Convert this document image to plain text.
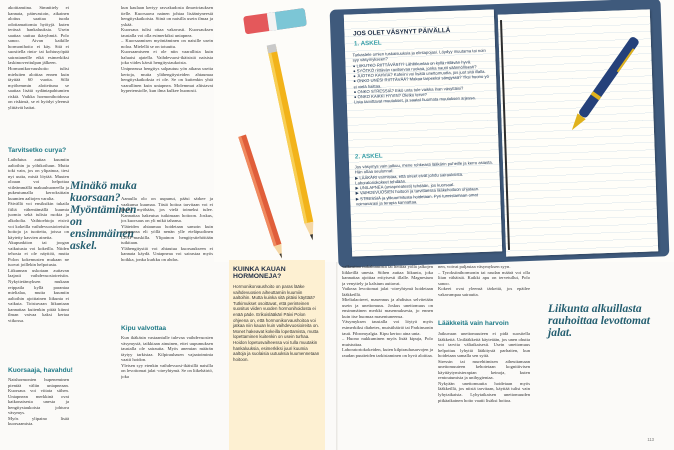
akoittamiina. Simnittely ei kannata, päinvastoin, aikainen aloitus saattaa tuoda odottamattomia hyötyjä. kuten terässä hankaluuksia. Usein saattaa uuttua ikäryhmiä. Polo sanoo. Aivan kaikille hormonihoito ei käy. Sitä ei suositella rinta- tai kohtusyöpää sairastaneille eikä esimerkiksi laskimoveritulpan jälkeen.
Hormonikorvaushoito tulisi mieluiten aloittaa ennen kuin täyttää 60 vuotta. Sillä myöhemmin aloitettuna se saattaa lisätä sydäntapahtumien riskiä. Vaikka hormonihoidossa on riskinsä, se ei hyödyt yleensä ylittävät haitat.
Tarvitsetko curya?
Laihdutus auttaa kuumiin aaltoihin ja yöhikoiluun. Mutta toki vain, jos on ylipainoa, tiesi nyt uutta, mistä löytää. Muuten oloaan voi helpottaa viileämmällä makuuhuoneella ja pukeutumalla kerroksittain kuumien aaltojen varalta.
Päivällä voi ensiksikin tukaila fiiliä vähentämällä kuumia juomia sekä tulisia ruokia ja alkoholia. Vaihtoehtoja etsivä voi kokeilla vaihdevuosioireisiin hoitoja ja tuotteita, joissa on käytetty kasvien aineita.
Akupunktion tai joogan vaikutusta voi kokeilla. Niiden tehosta ei ole näyttöä, mutta Polon kokemusten mukaan ne tuovat joillekin helpotusta.
Liikunnan uskotaan auttavan laajasti vaihdevuosioireisiin. Nykytietämyksen mukaan reippaila kyllä parantaa mielialaa, mutta kuumiin aaltoihin ajoittainen liikunta ei vaikuta. Toistuvaan liikuntaan kannattaa kuitenkin pitää kiinni ilman vaivaa kaksi kertaa viikossa.
Kuorsaaja, havahdu!
Naishormonien hupeneminen pientää väliin uniapneaan. Kuorsaus voi viitata siihen. Uniapnean merkkinä ovat katkonaisesta unesta ja hengitystaukoista johtuva väsymys.
Myös ylipaino lisää kuorsaamista.
Minäkö muka
kuorsaan?
Myöntäminen
on ensimmäinen askel.
kun kaulaan kertyy rasvakudosta ilmavirtauksen tielle. Kuorsaava nainen johtaa lisääntyneestä hengityskatkoista. Siinä on naisilla usein ilmaa ja yskää.
Kuorsaus tulisi ottaa vakavasti. Kuorsauksen taustalla voi olla esimerkiksi uniapnea.
– Kuorsaamisen myöntäminen on naisille usein noloa. Mielellä se on totuuttu.
Kuorsaamiseen ei ole niin vaarallista kuin haluaisi ajatella. Vaihdevuosi-ikäisistä naisista joka viides kärsii hengitystaukoista.
Unipneassa hengitys salpautuu yön aikana useita kertoja, mutta ylähengitysteiden ahtaumaa hengityskatkoksia ei ole. Se on kuitenkin yhtä vaarallinen kuin uniapnea. Molemmat altistavat hypertensiolle, kun ilma kulkee huonosti.
Aamulla olo on uupunut, pääsi särkee ja vaakunsa kuumaa. Tästä hoitoa tarvitaan voi ei päästä myöhään, jos vielä toimeksi tulee. Kannattaa hakeutua tutkimaan hoitoon. Joskus, jos kuorsaus on yli mikä tahansa.
Yläteiden ahtaumaa hoidetaan samoin kuin uniapneaa eli yöllä nenän ylle eteläpuolinen CPAP-maskilla. Ylipainon hengitystiehöitään tutkitaan.
Ylähengitystiä voi ahtautua kuorsaukseen ei kannata käydä. Uniapneaa voi sairastaa myös hoikka, jonka kurkku on ahdas.
Kipu valvottaa
Kun ikäkäsin vastaantulle tulevaa vaihdevuosien väsymystä, taikkiaan ainuinen, ettei uupumuksen taustalla ole sairautta. Myös anemian määrän täytyy tarkistaa. Kilpirauhasen vajaatoiminta vaatii hoidon.
Yleisen syy etenkin vaihdevuosi-ikäisillä naisilla on levottomat jalat -oireyhtymä. Se on liikehäiriö, joka
JOS OLET VÄSYNYT PÄIVÄLLÄ
1. ASKEL
Tarkastele omien tuskaisuuksia ja elintapojasi. Löydyy muutama tai noin syy väsymykseen?
● LIIKUTKO RIITTÄVÄSTI? Lähiliikuntaa on kyllä riittävän hyvä.
● SYÖTKÖ riittävän ravitsevaa ruokaa, jonka nautit säännöllisesti?
● JUOTKO KAHVIA? Kofeiini voi lisätä unettomuutta, jos juot sitä illalla.
● ONKO UNESI RIITTÄVÄÄ? Makaa tarpeeksi sängyssä? Yksi huono yö ei vielä haittaa.
● ONKO STRESSIÄ? Eikö unta tule vaikka ihan väsyttäisi?
● ONKO KAIKKI HYVIN? Oletko terve?
Lista tarvittavat muutokset, ja saatat huomata muutoksen arjessa.
2. ASKEL
Jos väsymys vain jatkuu, mene rohkeasti lääkärin puheille ja kerro asiasta. Hän ottaa seulonnat:
▶ LÄÄKÄRI varmistaa, että oireet eivät johdu sairauksista. Laboratoriokokeet tehdään.
▶ UNILAPNEA (uniapneatesti) tehdään, jos kuorsaat.
▶ VAIHDEVUOSIEN hoitoon ja tarvittaessa lääkehoitoon ohjataan.
▶ STRESSIÄ ja ylikuormitusta hoidetaan. Pyri tunnistamaan omat voimavarasi ja terapia kannattaa.
KUINKA KAUAN
HORMONEJA?
Hormonikorvaushoito on paras lääke vaihdevuosien aiheuttamiin kuumiin aaltoihin. Mutta kuinka sitä pitäisi käyttää?
Tutkimukset osoittavat, että perinteinen suositus viiden vuoden hormonihoidosta ei enää päde. Erikoislääkäri Päivi Polon ohjeena on, että hormonikorvaushoitoa voi jatkaa niin kauan kuin vaihdevuosioireita on.
Monet hakeavat kokeilla lopettamista, mutta lopettaminen kuitenkin on usein turhaa. Hoidon lopetusvaiheessa voi tulla muutakin hankaluuksia, esimerkiksi juuri kuumia aaltoja ja suolaisia uutuuksia kuumennetaan hoitoon.
valkeuttaa nukahtamista tai heittää yöllä jalkojen liikkeillä unesta. Siihen auttaa liikunta, joka kannattaa ajoittaa erityisesti illalle. Magnesium ja venyttely ja kalsium auttavat.
Vaikeaa levottomat jalat -oireyhtymä hoidetaan lääkkeillä.
Mielialaoireet, masennus ja ahdistus selvitetään usein ja unettomuus. Joskus unettomuus on ensimmäinen merkki masennuksesta, jo ennen kuin itse huomaa masentuneensa.
Väsymyksen taustalla voi löytyä myös esimerkiksi diabetes, muistihäiriö tai Parkinsonin tauti. Fibromyalgia. Kipu kertoo aina unta.
– Huono nukkuminen myös lisää kipuja, Polo muistuttaa.
Laboratoriokokeiden, kuten kilpirauhasarvojen ja raudan puutteiden tarkistaminen on hyvä aloittaa.
nen, voivat paljastaa väsymyksen syyn.
– Tyroksiinihormonin tai raudan määrä voi olla liian vähäistä. Kaikki apu on tervetullut, Polo sanoo.
Kokeet ovat yleensä tärkeitä, jos epäilee vakavampaa sairautta.
Lääkkeitä vain harvoin
Jatkuvaan unettomuuteen ei pidä suositella lääkkeitä. Unilääkkeitä käytetään, jos unen ohutta voi tarvita väliaikaisesti. Usein unettomuus helpottuu lyhyttä lääkitystä parhaiten, kun hoidetaan samalla sen syitä.
Stressin tai murehtimisen aiheuttamaan unettomuuteen kehotetaan kognitiivisen käyttäytymisterapian keinoja, kuten rentoutumista ja unihygieniaa.
Nykyään unettomuutta hoidetaan myös lääkkeillä, jos niistä tarvitaan, käyttää tulisi vain lyhytaikaista. Lyhytaikaisen unettomuuden pitkäaikainen hoito vaatii lisäksi hoitoa.
Liikunta alkuillasta rauhoittaa levottomat jalat.
113
